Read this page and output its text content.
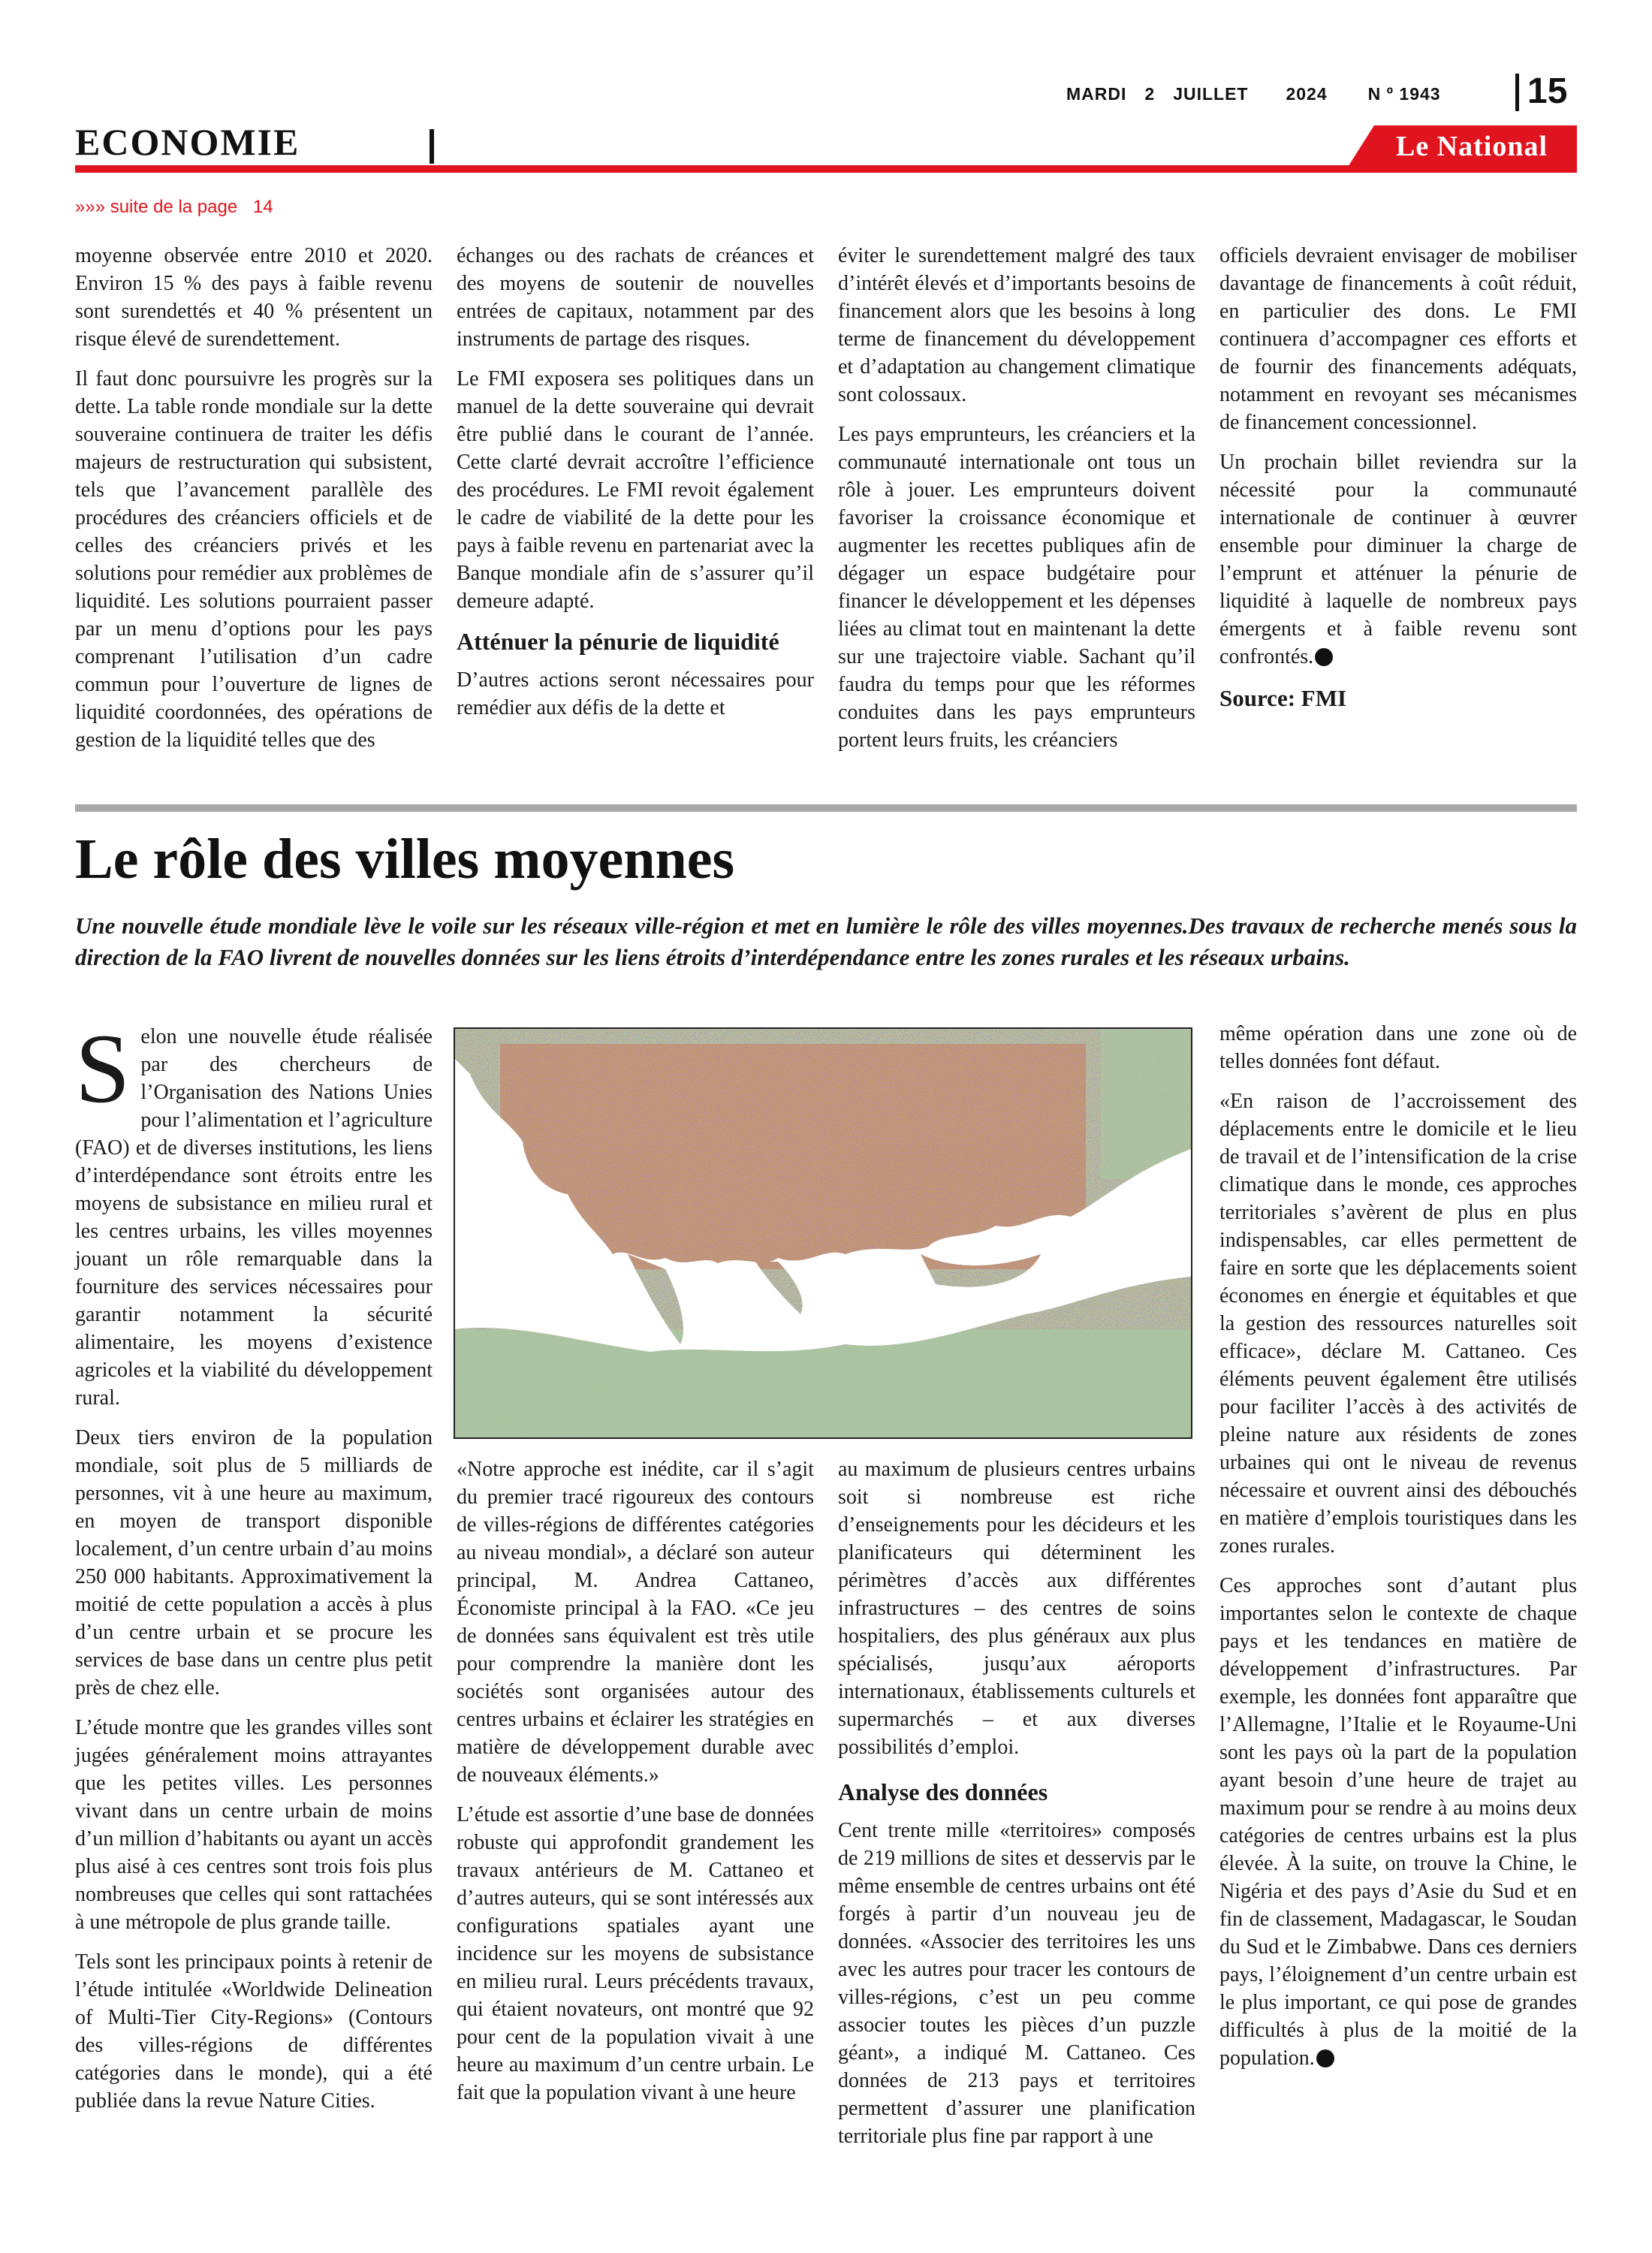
MARDI 2 JUILLET 2024 N º 1943 15
ECONOMIE	Le National
»»» suite de la page 14

moyenne observée entre 2010 et 2020. Environ 15 % des pays à faible revenu sont surendettés et 40 % présentent un risque élevé de surendettement.

Il faut donc poursuivre les progrès sur la dette. La table ronde mondiale sur la dette souveraine continuera de traiter les défis majeurs de restructuration qui subsistent, tels que l’avancement parallèle des procédures des créanciers officiels et de celles des créanciers privés et les solutions pour remédier aux problèmes de liquidité. Les solutions pourraient passer par un menu d’options pour les pays comprenant l’utilisation d’un cadre commun pour l’ouverture de lignes de liquidité coordonnées, des opérations de gestion de la liquidité telles que des

échanges ou des rachats de créances et des moyens de soutenir de nouvelles entrées de capitaux, notamment par des instruments de partage des risques.

Le FMI exposera ses politiques dans un manuel de la dette souveraine qui devrait être publié dans le courant de l’année. Cette clarté devrait accroître l’efficience des procédures. Le FMI revoit également le cadre de viabilité de la dette pour les pays à faible revenu en partenariat avec la Banque mondiale afin de s’assurer qu’il demeure adapté.

Atténuer la pénurie de liquidité

D’autres actions seront nécessaires pour remédier aux défis de la dette et

éviter le surendettement malgré des taux d’intérêt élevés et d’importants besoins de financement alors que les besoins à long terme de financement du développement et d’adaptation au changement climatique sont colossaux.

Les pays emprunteurs, les créanciers et la communauté internationale ont tous un rôle à jouer. Les emprunteurs doivent favoriser la croissance économique et augmenter les recettes publiques afin de dégager un espace budgétaire pour financer le développement et les dépenses liées au climat tout en maintenant la dette sur une trajectoire viable. Sachant qu’il faudra du temps pour que les réformes conduites dans les pays emprunteurs portent leurs fruits, les créanciers

officiels devraient envisager de mobiliser davantage de financements à coût réduit, en particulier des dons. Le FMI continuera d’accompagner ces efforts et de fournir des financements adéquats, notamment en revoyant ses mécanismes de financement concessionnel.

Un prochain billet reviendra sur la nécessité pour la communauté internationale de continuer à œuvrer ensemble pour diminuer la charge de l’emprunt et atténuer la pénurie de liquidité à laquelle de nombreux pays émergents et à faible revenu sont confrontés.

Source: FMI

Le rôle des villes moyennes
Une nouvelle étude mondiale lève le voile sur les réseaux ville-région et met en lumière le rôle des villes moyennes.Des travaux de recherche menés sous la direction de la FAO livrent de nouvelles données sur les liens étroits d’interdépendance entre les zones rurales et les réseaux urbains.

Selon une nouvelle étude réalisée par des chercheurs de l’Organisation des Nations Unies pour l’alimentation et l’agriculture (FAO) et de diverses institutions, les liens d’interdépendance sont étroits entre les moyens de subsistance en milieu rural et les centres urbains, les villes moyennes jouant un rôle remarquable dans la fourniture des services nécessaires pour garantir notamment la sécurité alimentaire, les moyens d’existence agricoles et la viabilité du développement rural.

Deux tiers environ de la population mondiale, soit plus de 5 milliards de personnes, vit à une heure au maximum, en moyen de transport disponible localement, d’un centre urbain d’au moins 250 000 habitants. Approximativement la moitié de cette population a accès à plus d’un centre urbain et se procure les services de base dans un centre plus petit près de chez elle.

L’étude montre que les grandes villes sont jugées généralement moins attrayantes que les petites villes. Les personnes vivant dans un centre urbain de moins d’un million d’habitants ou ayant un accès plus aisé à ces centres sont trois fois plus nombreuses que celles qui sont rattachées à une métropole de plus grande taille.

Tels sont les principaux points à retenir de l’étude intitulée «Worldwide Delineation of Multi-Tier City-Regions» (Contours des villes-régions de différentes catégories dans le monde), qui a été publiée dans la revue Nature Cities.

«Notre approche est inédite, car il s’agit du premier tracé rigoureux des contours de villes-régions de différentes catégories au niveau mondial», a déclaré son auteur principal, M. Andrea Cattaneo, Économiste principal à la FAO. «Ce jeu de données sans équivalent est très utile pour comprendre la manière dont les sociétés sont organisées autour des centres urbains et éclairer les stratégies en matière de développement durable avec de nouveaux éléments.»

L’étude est assortie d’une base de données robuste qui approfondit grandement les travaux antérieurs de M. Cattaneo et d’autres auteurs, qui se sont intéressés aux configurations spatiales ayant une incidence sur les moyens de subsistance en milieu rural. Leurs précédents travaux, qui étaient novateurs, ont montré que 92 pour cent de la population vivait à une heure au maximum d’un centre urbain. Le fait que la population vivant à une heure

au maximum de plusieurs centres urbains soit si nombreuse est riche d’enseignements pour les décideurs et les planificateurs qui déterminent les périmètres d’accès aux différentes infrastructures – des centres de soins hospitaliers, des plus généraux aux plus spécialisés, jusqu’aux aéroports internationaux, établissements culturels et supermarchés – et aux diverses possibilités d’emploi.

Analyse des données

Cent trente mille «territoires» composés de 219 millions de sites et desservis par le même ensemble de centres urbains ont été forgés à partir d’un nouveau jeu de données. «Associer des territoires les uns avec les autres pour tracer les contours de villes-régions, c’est un peu comme associer toutes les pièces d’un puzzle géant», a indiqué M. Cattaneo. Ces données de 213 pays et territoires permettent d’assurer une planification territoriale plus fine par rapport à une

même opération dans une zone où de telles données font défaut.

«En raison de l’accroissement des déplacements entre le domicile et le lieu de travail et de l’intensification de la crise climatique dans le monde, ces approches territoriales s’avèrent de plus en plus indispensables, car elles permettent de faire en sorte que les déplacements soient économes en énergie et équitables et que la gestion des ressources naturelles soit efficace», déclare M. Cattaneo. Ces éléments peuvent également être utilisés pour faciliter l’accès à des activités de pleine nature aux résidents de zones urbaines qui ont le niveau de revenus nécessaire et ouvrent ainsi des débouchés en matière d’emplois touristiques dans les zones rurales.

Ces approches sont d’autant plus importantes selon le contexte de chaque pays et les tendances en matière de développement d’infrastructures. Par exemple, les données font apparaître que l’Allemagne, l’Italie et le Royaume-Uni sont les pays où la part de la population ayant besoin d’une heure de trajet au maximum pour se rendre à au moins deux catégories de centres urbains est la plus élevée. À la suite, on trouve la Chine, le Nigéria et des pays d’Asie du Sud et en fin de classement, Madagascar, le Soudan du Sud et le Zimbabwe. Dans ces derniers pays, l’éloignement d’un centre urbain est le plus important, ce qui pose de grandes difficultés à plus de la moitié de la population.
